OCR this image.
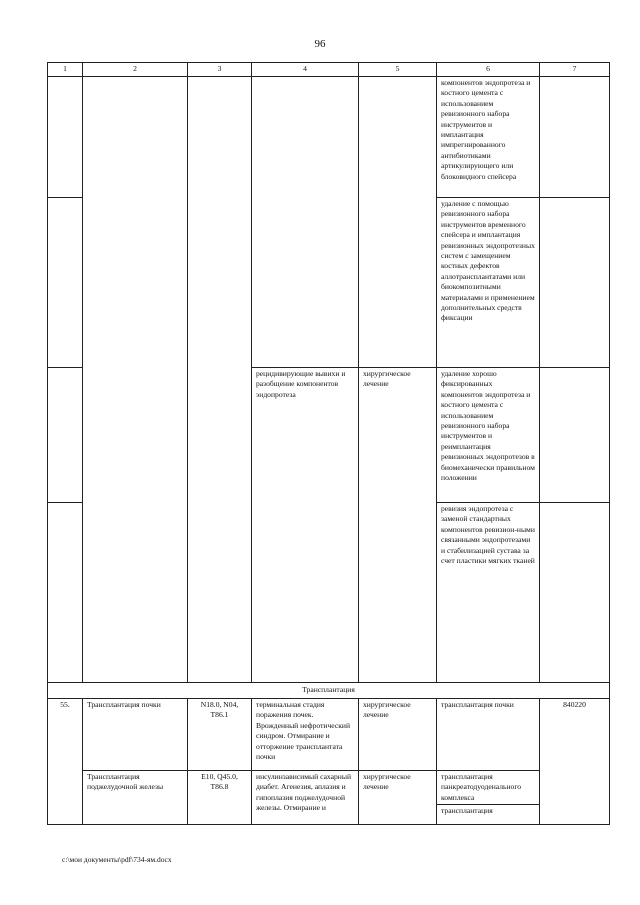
96
1	2	3	4	5	6	7
					компонентов эндопротеза и костного цемента с использованием ревизионного набора инструментов и имплантация импрегнированного антибиотиками артикулирующего или блоковидного спейсера	
					удаление с помощью ревизионного набора инструментов временного спейсера и имплантация ревизионных эндопротезных систем с замещением костных дефектов аллотрансплантатами или биокомпозитными материалами и применением дополнительных средств фиксации	
			рецидивирующие вывихи и разобщение компонентов эндопротеза	хирургическое лечение	удаление хорошо фиксированных компонентов эндопротеза и костного цемента с использованием ревизионного набора инструментов и реимплантация ревизионных эндопротезов в биомеханически правильном положении	
					ревизия эндопротеза с заменой стандартных компонентов ревизион-ными связанными эндопротезами и стабилизацией сустава за счет пластики мягких тканей	
Трансплантация						
55.	Трансплантация почки	N18.0, N04, T86.1	терминальная стадия поражения почек. Врожденный нефротический синдром. Отмирание и отторжение трансплантата почки	хирургическое лечение	трансплантация почки	840220
	Трансплантация поджелудочной железы	E10, Q45.0, T86.8	инсулинзависимый сахарный диабет. Агенезия, аплазия и гипоплазия поджелудочной железы. Отмирание и	хирургическое лечение	трансплантация панкреатодуоденального комплекса	
					трансплантация	
c:\мои документы\pdf\734-ям.docx
